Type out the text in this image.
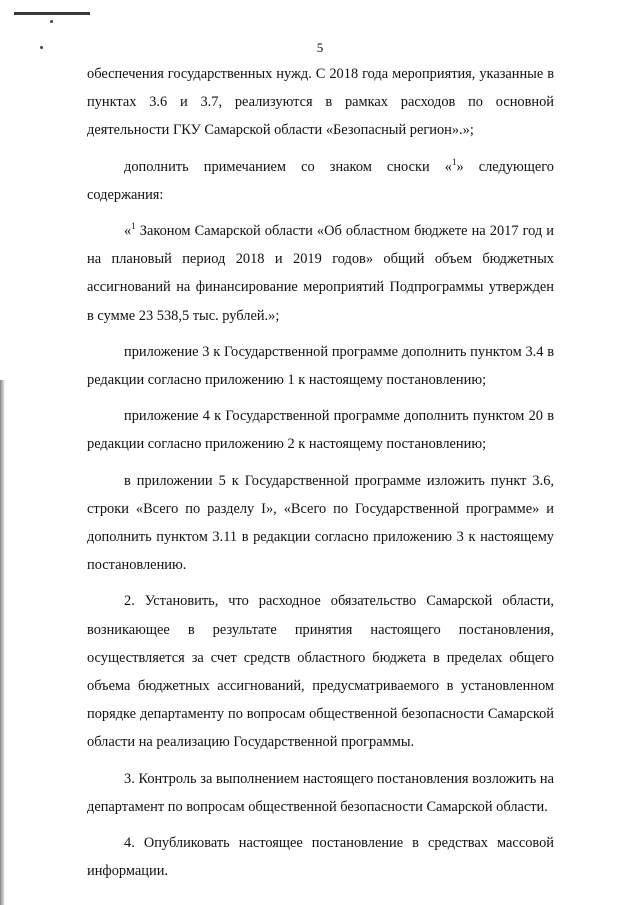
5

обеспечения государственных нужд. С 2018 года мероприятия, указанные в пунктах 3.6 и 3.7, реализуются в рамках расходов по основной деятельности ГКУ Самарской области «Безопасный регион».»;

дополнить примечанием со знаком сноски «$^1$» следующего содержания:

«$^1$ Законом Самарской области «Об областном бюджете на 2017 год и на плановый период 2018 и 2019 годов» общий объем бюджетных ассигнований на финансирование мероприятий Подпрограммы утвержден в сумме 23 538,5 тыс. рублей.»;

приложение 3 к Государственной программе дополнить пунктом 3.4 в редакции согласно приложению 1 к настоящему постановлению;

приложение 4 к Государственной программе дополнить пунктом 20 в редакции согласно приложению 2 к настоящему постановлению;

в приложении 5 к Государственной программе изложить пункт 3.6, строки «Всего по разделу I», «Всего по Государственной программе» и дополнить пунктом 3.11 в редакции согласно приложению 3 к настоящему постановлению.

2. Установить, что расходное обязательство Самарской области, возникающее в результате принятия настоящего постановления, осуществляется за счет средств областного бюджета в пределах общего объема бюджетных ассигнований, предусматриваемого в установленном порядке департаменту по вопросам общественной безопасности Самарской области на реализацию Государственной программы.

3. Контроль за выполнением настоящего постановления возложить на департамент по вопросам общественной безопасности Самарской области.

4. Опубликовать настоящее постановление в средствах массовой информации.
